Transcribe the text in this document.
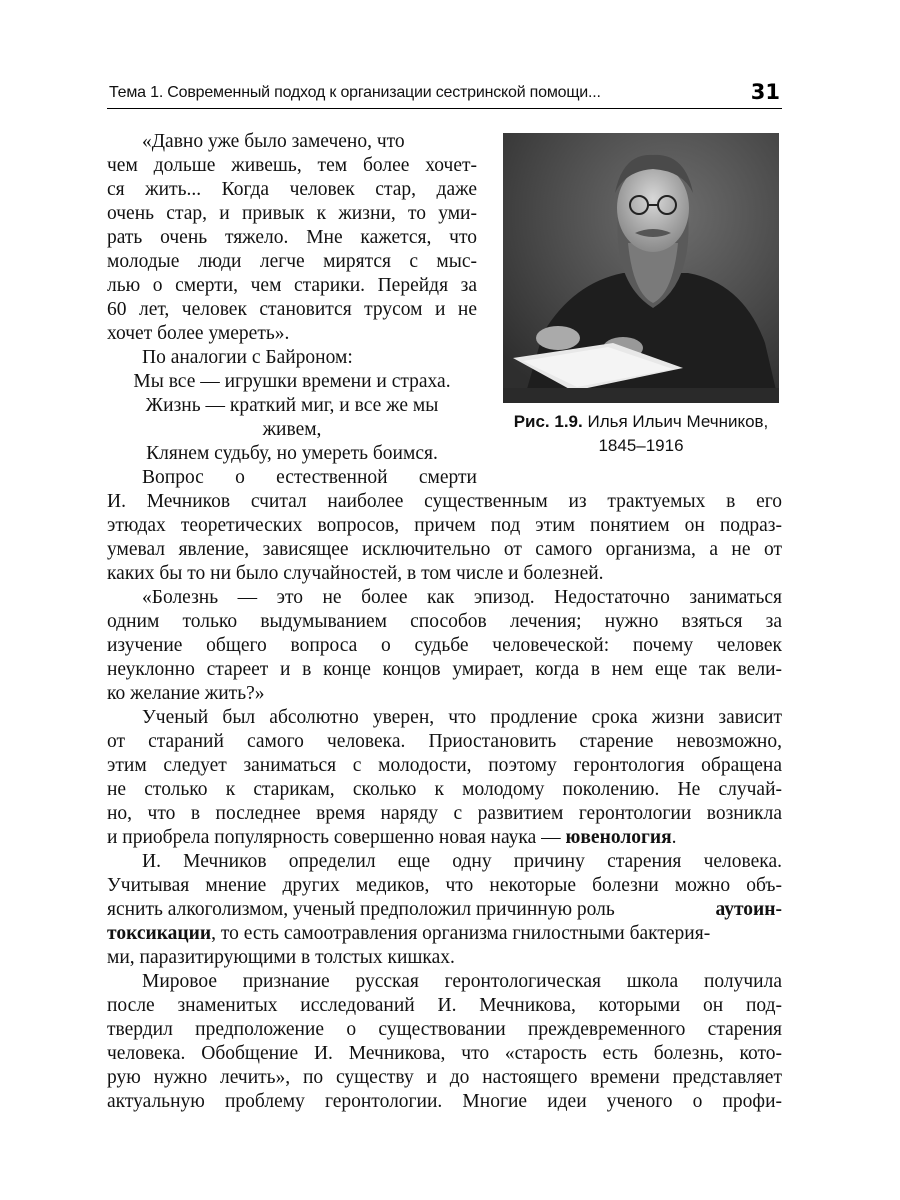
Тема 1. Современный подход к организации сестринской помощи...	31
«Давно уже было замечено, что
чем дольше живешь, тем более хочет-
ся жить... Когда человек стар, даже
очень стар, и привык к жизни, то уми-
рать очень тяжело. Мне кажется, что
молодые люди легче мирятся с мыс-
лью о смерти, чем старики. Перейдя за
60 лет, человек становится трусом и не
хочет более умереть».
По аналогии с Байроном:
Мы все — игрушки времени и страха.
Жизнь — краткий миг, и все же мы
живем,
Клянем судьбу, но умереть боимся.
Рис. 1.9. Илья Ильич Мечников,
1845–1916
Вопрос о естественной смерти
И. Мечников считал наиболее существенным из трактуемых в его
этюдах теоретических вопросов, причем под этим понятием он подраз-
умевал явление, зависящее исключительно от самого организма, а не от
каких бы то ни было случайностей, в том числе и болезней.
«Болезнь — это не более как эпизод. Недостаточно заниматься
одним только выдумыванием способов лечения; нужно взяться за
изучение общего вопроса о судьбе человеческой: почему человек
неуклонно стареет и в конце концов умирает, когда в нем еще так вели-
ко желание жить?»
Ученый был абсолютно уверен, что продление срока жизни зависит
от стараний самого человека. Приостановить старение невозможно,
этим следует заниматься с молодости, поэтому геронтология обращена
не столько к старикам, сколько к молодому поколению. Не случай-
но, что в последнее время наряду с развитием геронтологии возникла
и приобрела популярность совершенно новая наука — ювенология.
И. Мечников определил еще одну причину старения человека.
Учитывая мнение других медиков, что некоторые болезни можно объ-
яснить алкоголизмом, ученый предположил причинную роль	аутоин-
токсикации, то есть самоотравления организма гнилостными бактерия-
ми, паразитирующими в толстых кишках.
Мировое признание русская геронтологическая школа получила
после знаменитых исследований И. Мечникова, которыми он под-
твердил предположение о существовании преждевременного старения
человека. Обобщение И. Мечникова, что «старость есть болезнь, кото-
рую нужно лечить», по существу и до настоящего времени представляет
актуальную проблему геронтологии. Многие идеи ученого о профи-
